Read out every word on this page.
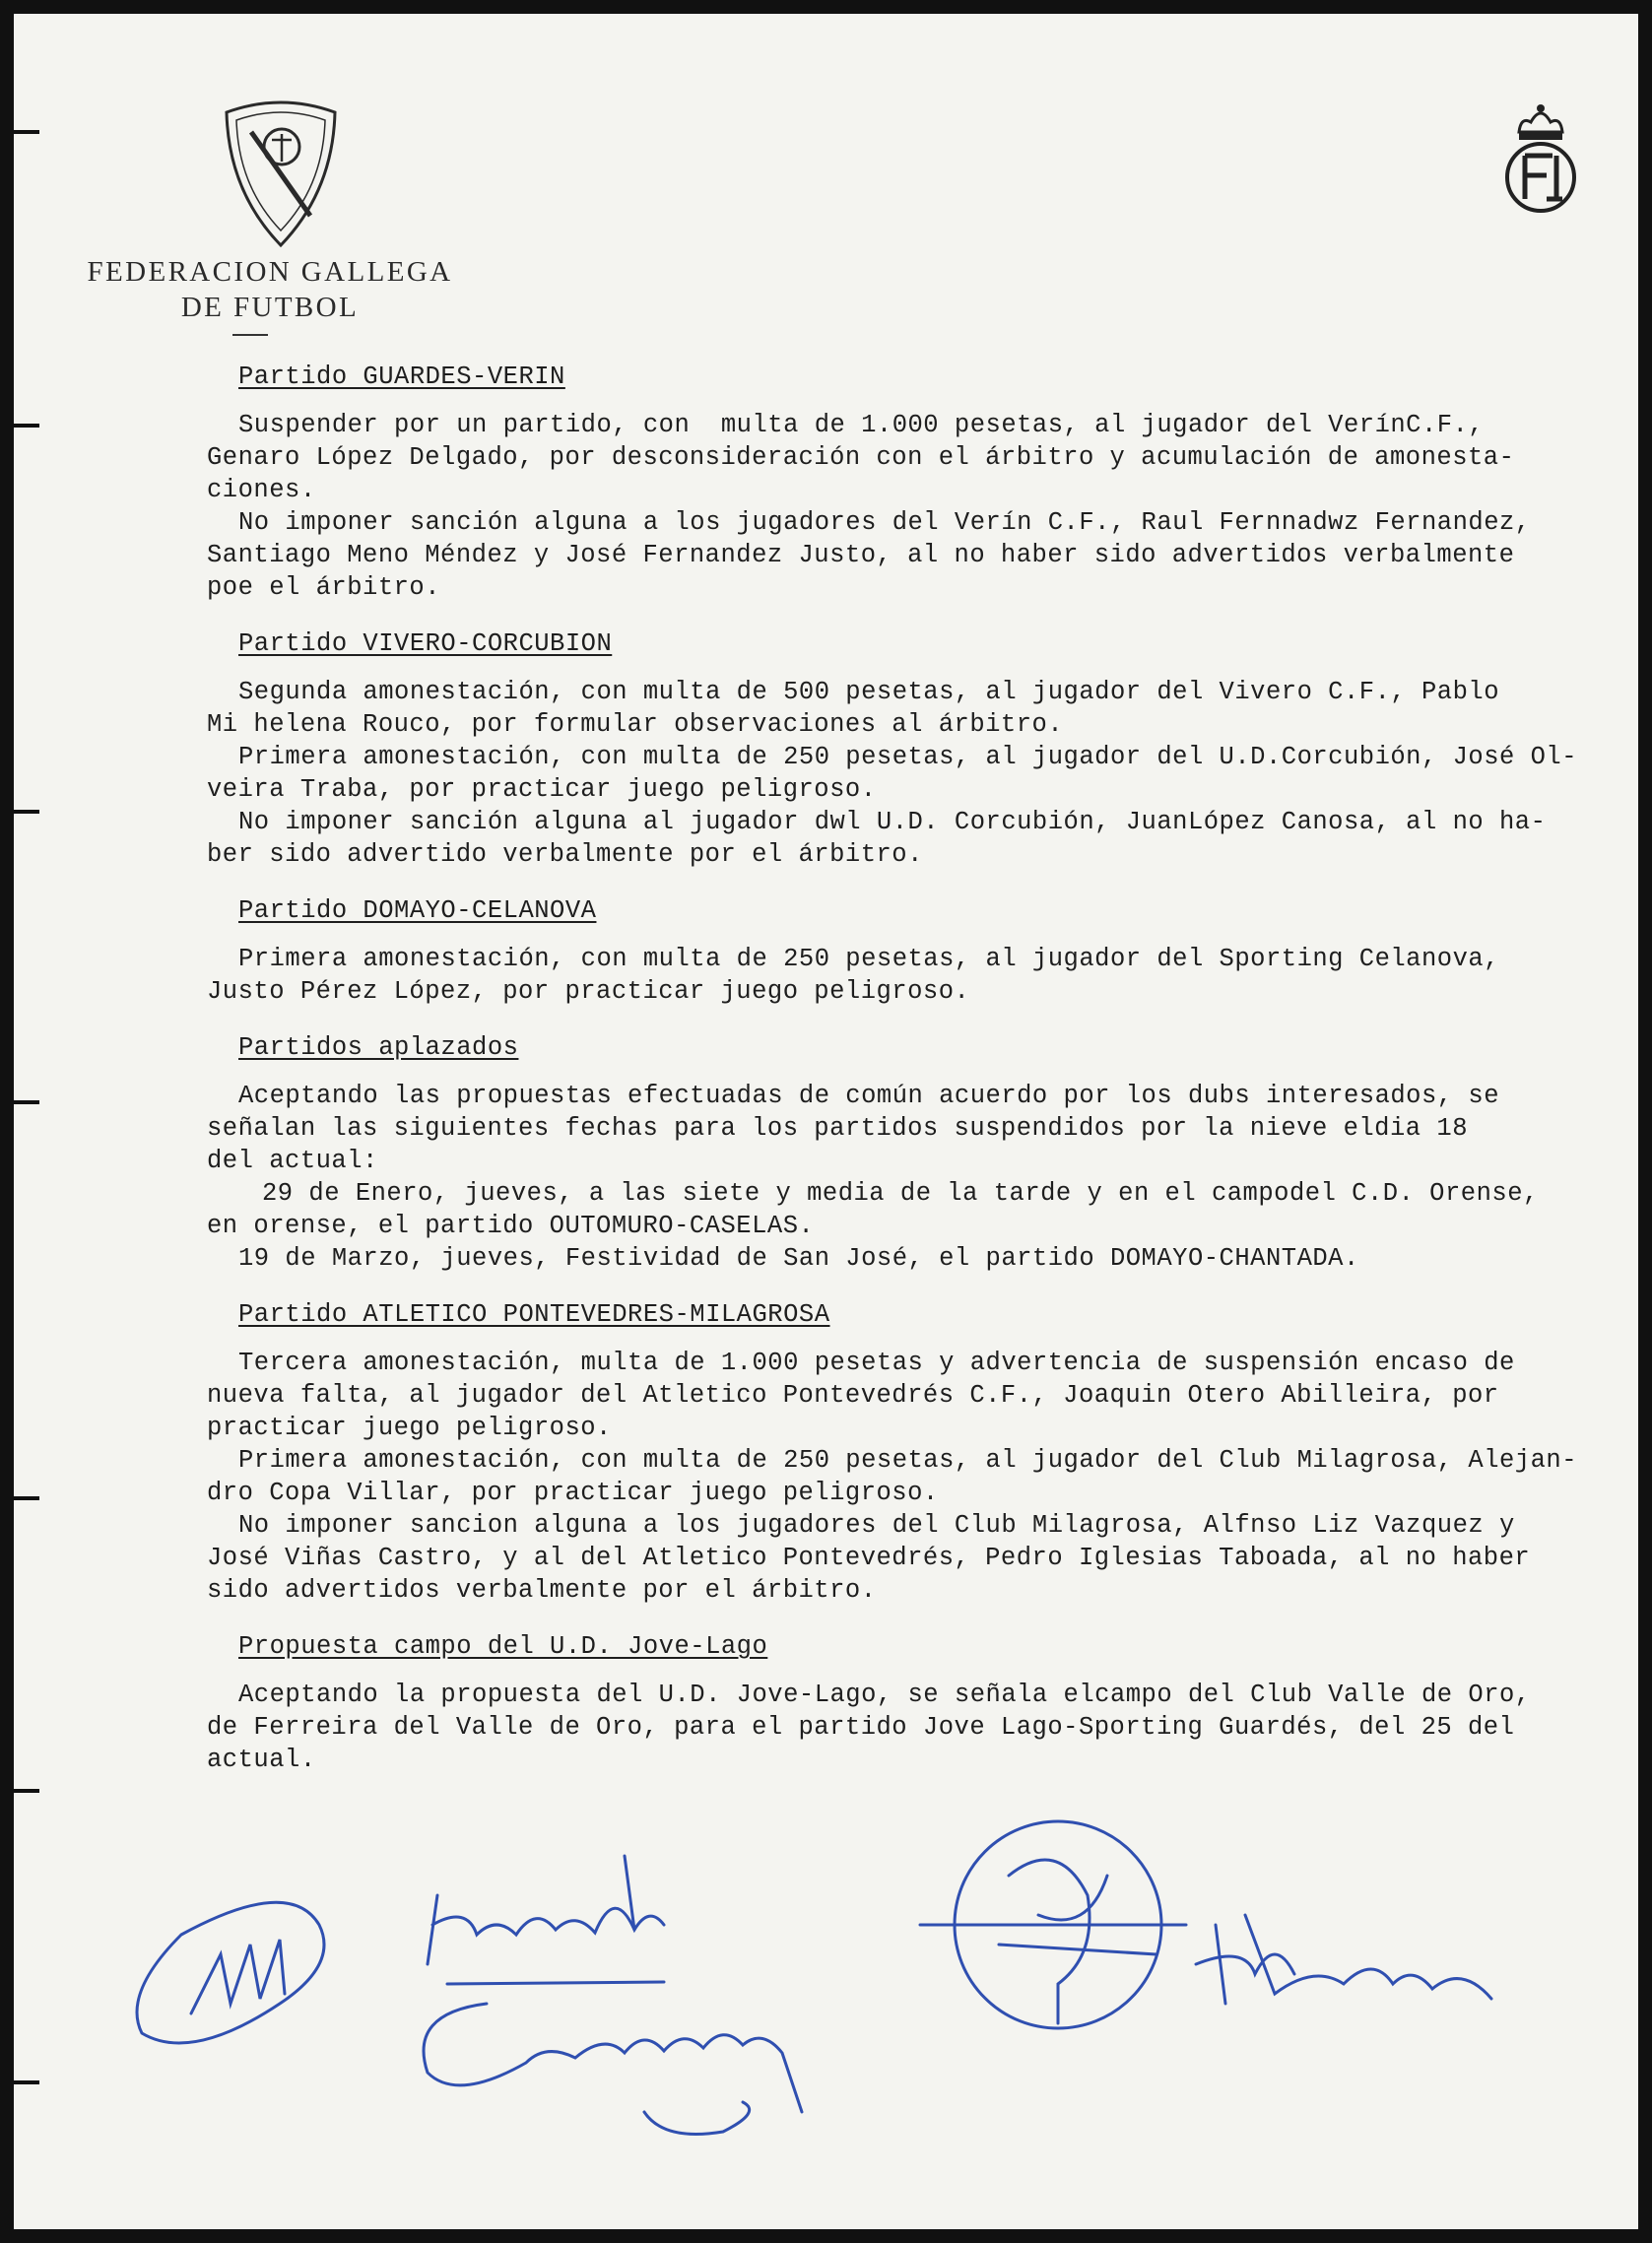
FEDERACION GALLEGA
DE FUTBOL
Partido GUARDES-VERIN
Suspender por un partido, con  multa de 1.000 pesetas, al jugador del VerínC.F.,
Genaro López Delgado, por desconsideración con el árbitro y acumulación de amonesta-
ciones.
No imponer sanción alguna a los jugadores del Verín C.F., Raul Fernnadwz Fernandez,
Santiago Meno Méndez y José Fernandez Justo, al no haber sido advertidos verbalmente
poe el árbitro.
Partido VIVERO-CORCUBION
Segunda amonestación, con multa de 500 pesetas, al jugador del Vivero C.F., Pablo
Mi helena Rouco, por formular observaciones al árbitro.
Primera amonestación, con multa de 250 pesetas, al jugador del U.D.Corcubión, José Ol-
veira Traba, por practicar juego peligroso.
No imponer sanción alguna al jugador dwl U.D. Corcubión, JuanLópez Canosa, al no ha-
ber sido advertido verbalmente por el árbitro.
Partido DOMAYO-CELANOVA
Primera amonestación, con multa de 250 pesetas, al jugador del Sporting Celanova,
Justo Pérez López, por practicar juego peligroso.
Partidos aplazados
Aceptando las propuestas efectuadas de común acuerdo por los dubs interesados, se
señalan las siguientes fechas para los partidos suspendidos por la nieve eldia 18
del actual:
29 de Enero, jueves, a las siete y media de la tarde y en el campodel C.D. Orense,
en orense, el partido OUTOMURO-CASELAS.
19 de Marzo, jueves, Festividad de San José, el partido DOMAYO-CHANTADA.
Partido ATLETICO PONTEVEDRES-MILAGROSA
Tercera amonestación, multa de 1.000 pesetas y advertencia de suspensión encaso de
nueva falta, al jugador del Atletico Pontevedrés C.F., Joaquin Otero Abilleira, por
practicar juego peligroso.
Primera amonestación, con multa de 250 pesetas, al jugador del Club Milagrosa, Alejan-
dro Copa Villar, por practicar juego peligroso.
No imponer sancion alguna a los jugadores del Club Milagrosa, Alfnso Liz Vazquez y
José Viñas Castro, y al del Atletico Pontevedrés, Pedro Iglesias Taboada, al no haber
sido advertidos verbalmente por el árbitro.
Propuesta campo del U.D. Jove-Lago
Aceptando la propuesta del U.D. Jove-Lago, se señala elcampo del Club Valle de Oro,
de Ferreira del Valle de Oro, para el partido Jove Lago-Sporting Guardés, del 25 del
actual.
